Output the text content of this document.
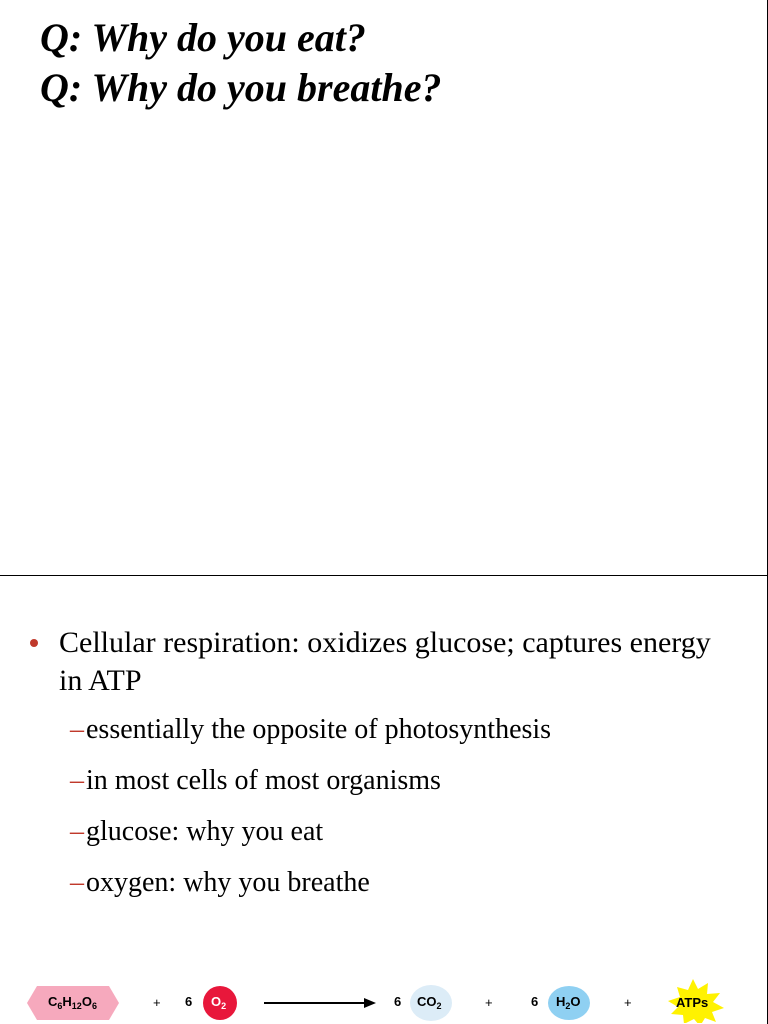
Q: Why do you eat?
Q: Why do you breathe?
Cellular respiration: oxidizes glucose; captures energy in ATP
–essentially the opposite of photosynthesis
–in most cells of most organisms
–glucose: why you eat
–oxygen: why you breathe
$C_6H_{12}O_6$	+ 6 $O_2$	6 $CO_2$	+	6 $H_2O$	+	ATPs
